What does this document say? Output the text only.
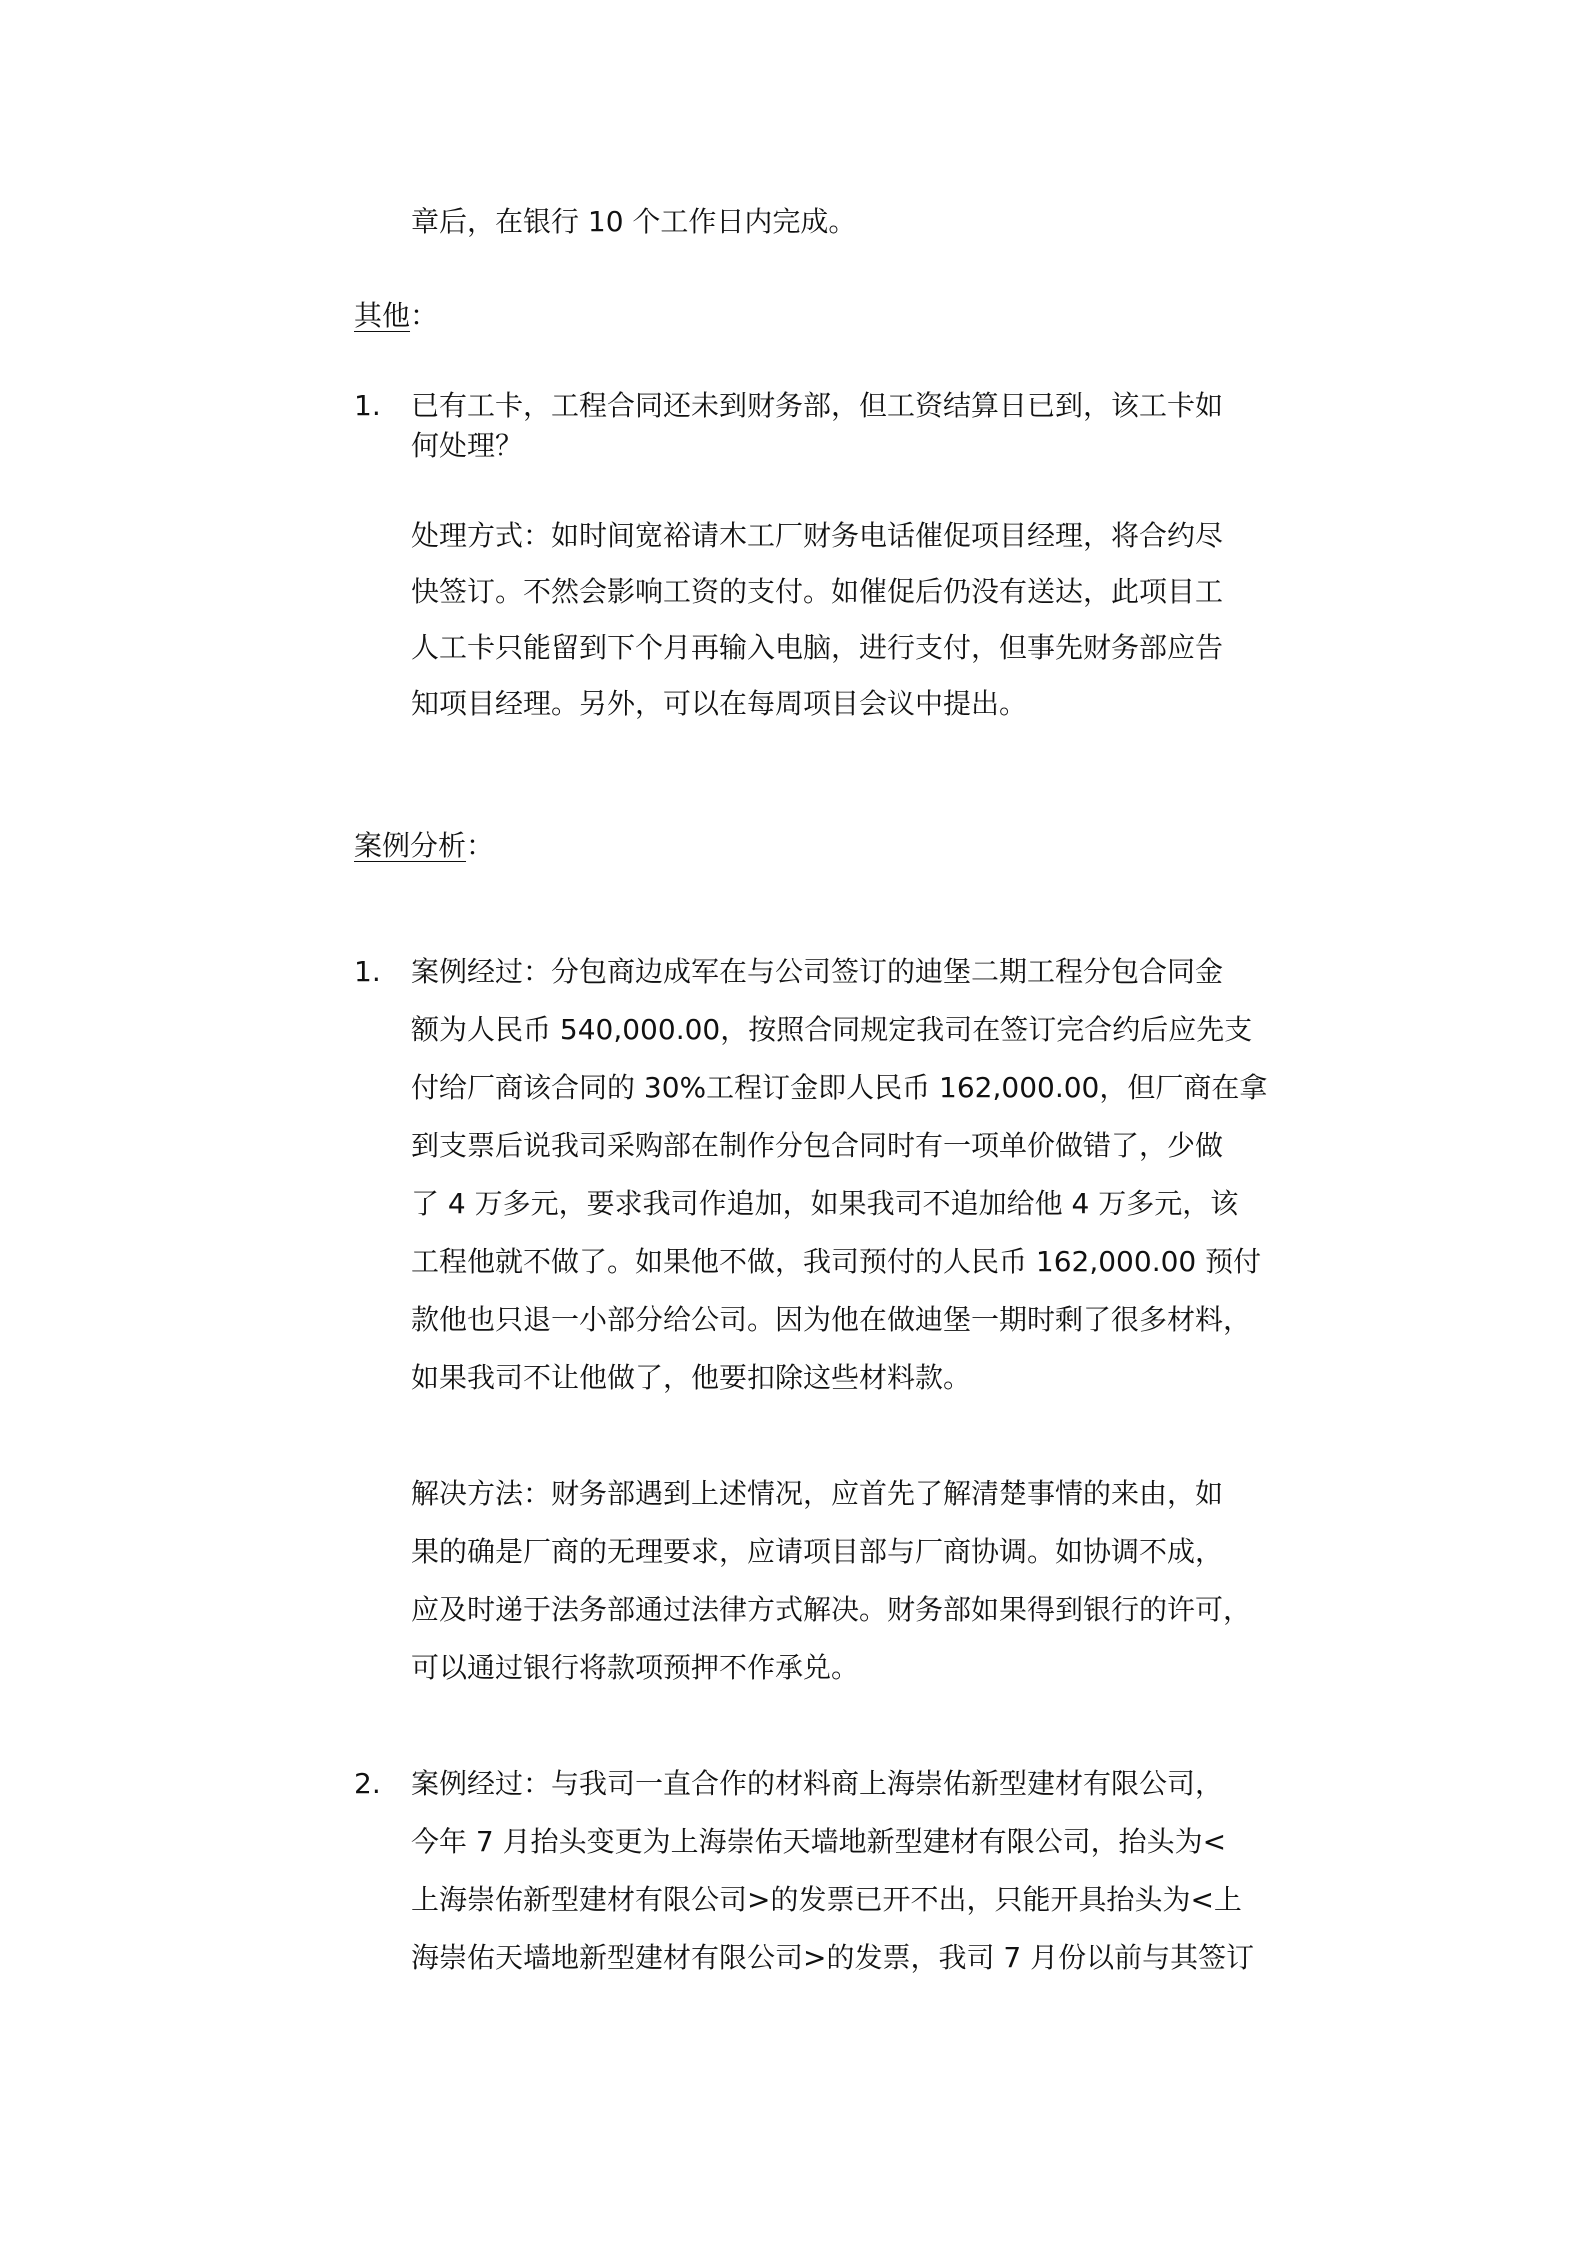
章后，在银行 10 个工作日内完成。
其他 ：
1. 已有工卡，工程合同还未到财务部，但工资结算日已到，该工卡如
何处理？
处理方式：如时间宽裕请木工厂财务电话催促项目经理，将合约尽
快签订。不然会影响工资的支付。如催促后仍没有送达，此项目工
人工卡只能留到下个月再输入电脑，进行支付，但事先财务部应告
知项目经理。另外，可以在每周项目会议中提出。
案例分析 ：
1. 案例经过：分包商边成军在与公司签订的迪堡二期工程分包合同金
额为人民币 540,000.00，按照合同规定我司在签订完合约后应先支
付给厂商该合同的 30%工程订金即人民币 162,000.00，但厂商在拿
到支票后说我司采购部在制作分包合同时有一项单价做错了，少做
了 4 万多元，要求我司作追加，如果我司不追加给他 4 万多元，该
工程他就不做了。如果他不做，我司预付的人民币 162,000.00 预付
款他也只退一小部分给公司。因为他在做迪堡一期时剩了很多材料，
如果我司不让他做了，他要扣除这些材料款。
解决方法：财务部遇到上述情况，应首先了解清楚事情的来由，如
果的确是厂商的无理要求，应请项目部与厂商协调。如协调不成，
应及时递于法务部通过法律方式解决。财务部如果得到银行的许可，
可以通过银行将款项预押不作承兑。
2. 案例经过：与我司一直合作的材料商上海崇佑新型建材有限公司，
今年 7 月抬头变更为上海崇佑天墙地新型建材有限公司，抬头为<
上海崇佑新型建材有限公司>的发票已开不出，只能开具抬头为<上
海崇佑天墙地新型建材有限公司>的发票，我司 7 月份以前与其签订
